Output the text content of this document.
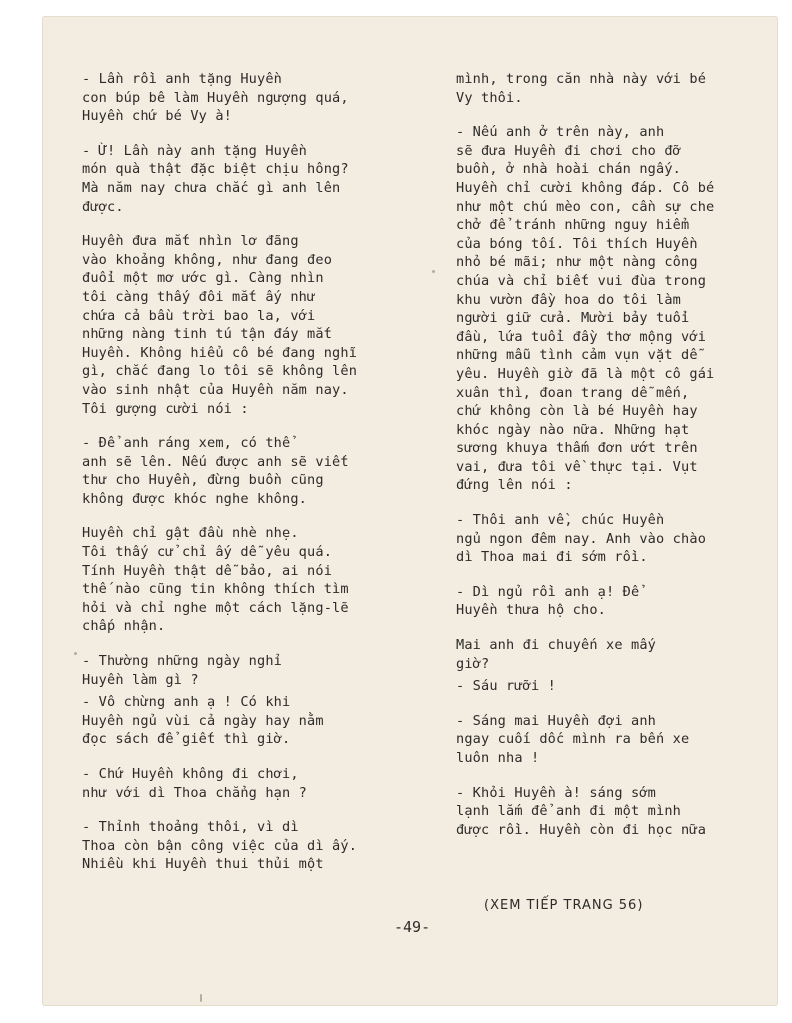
- Lần rồi anh tặng Huyền
con búp bê làm Huyền ngượng quá,
Huyền chứ bé Vy à!

- Ừ! Lần này anh tặng Huyền
món quà thật đặc biệt chịu hông?
Mà năm nay chưa chắc gì anh lên
được.

Huyền đưa mắt nhìn lơ đãng
vào khoảng không, như đang đeo
đuổi một mơ ước gì. Càng nhìn
tôi càng thấy đôi mắt ấy như
chứa cả bầu trời bao la, với
những nàng tinh tú tận đáy mắt
Huyền. Không hiểu cô bé đang nghĩ
gì, chắc đang lo tôi sẽ không lên
vào sinh nhật của Huyền năm nay.
Tôi gượng cười nói :

- Để anh ráng xem, có thể
anh sẽ lên. Nếu được anh sẽ viết
thư cho Huyền, đừng buồn cũng
không được khóc nghe không.

Huyền chỉ gật đầu nhè nhẹ.
Tôi thấy cử chỉ ấy dễ yêu quá.
Tính Huyền thật dễ bảo, ai nói
thế nào cũng tin không thích tìm
hỏi và chỉ nghe một cách lặng-lẽ
chấp nhận.

- Thường những ngày nghỉ
Huyền làm gì ?

- Vô chừng anh ạ ! Có khi
Huyền ngủ vùi cả ngày hay nằm
đọc sách để giết thì giờ.

- Chứ Huyền không đi chơi,
như với dì Thoa chẳng hạn ?

- Thỉnh thoảng thôi, vì dì
Thoa còn bận công việc của dì ấy.
Nhiều khi Huyền thui thủi một

mình, trong căn nhà này với bé
Vy thôi.

- Nếu anh ở trên này, anh
sẽ đưa Huyền đi chơi cho đỡ
buồn, ở nhà hoài chán ngấy.
Huyền chỉ cười không đáp. Cô bé
như một chú mèo con, cần sự che
chở để tránh những nguy hiểm
của bóng tối. Tôi thích Huyền
nhỏ bé mãi; như một nàng công
chúa và chỉ biết vui đùa trong
khu vườn đầy hoa do tôi làm
người giữ cửa. Mười bảy tuổi
đầu, lứa tuổi đầy thơ mộng với
những mẫu tình cảm vụn vặt dễ
yêu. Huyền giờ đã là một cô gái
xuân thì, đoan trang dễ mến,
chứ không còn là bé Huyền hay
khóc ngày nào nữa. Những hạt
sương khuya thấm đơn ướt trên
vai, đưa tôi về thực tại. Vụt
đứng lên nói :

- Thôi anh về, chúc Huyền
ngủ ngon đêm nay. Anh vào chào
dì Thoa mai đi sớm rồi.

- Dì ngủ rồi anh ạ! Để
Huyền thưa hộ cho.

Mai anh đi chuyến xe mấy
giờ?

- Sáu rưỡi !

- Sáng mai Huyền đợi anh
ngay cuối dốc mình ra bến xe
luôn nha !

- Khỏi Huyền à! sáng sớm
lạnh lắm để anh đi một mình
được rồi. Huyền còn đi học nữa

(XEM TIẾP TRANG 56)
-49-
